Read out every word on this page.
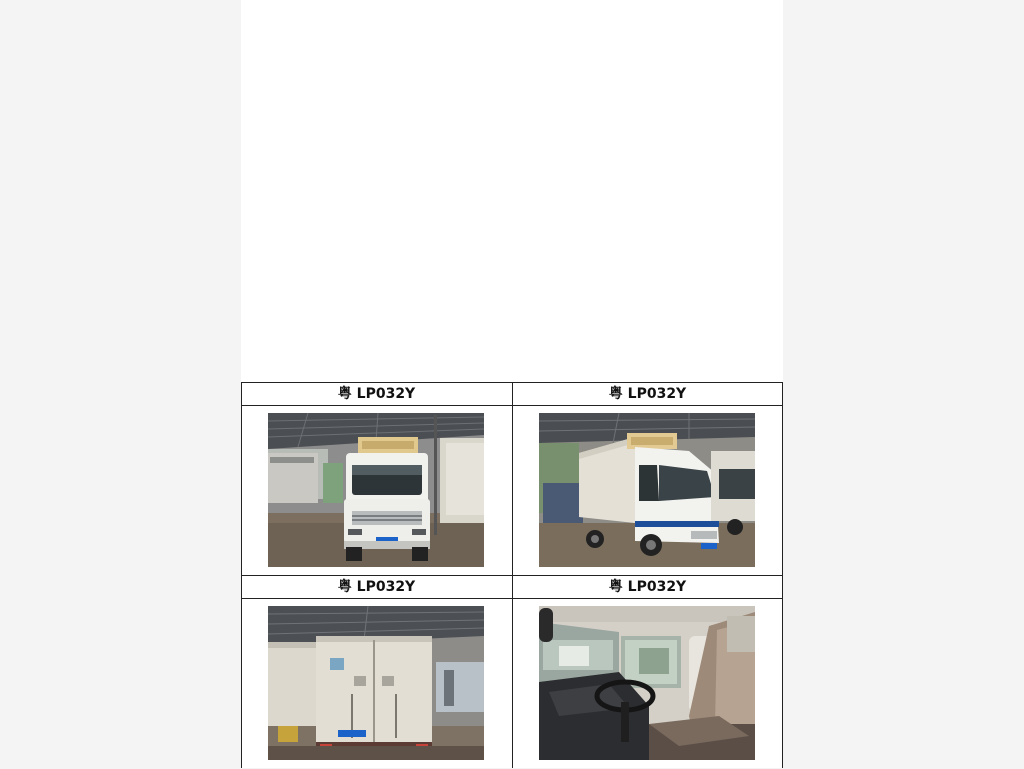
粤 LP032Y	粤 LP032Y
粤 LP032Y	粤 LP032Y
